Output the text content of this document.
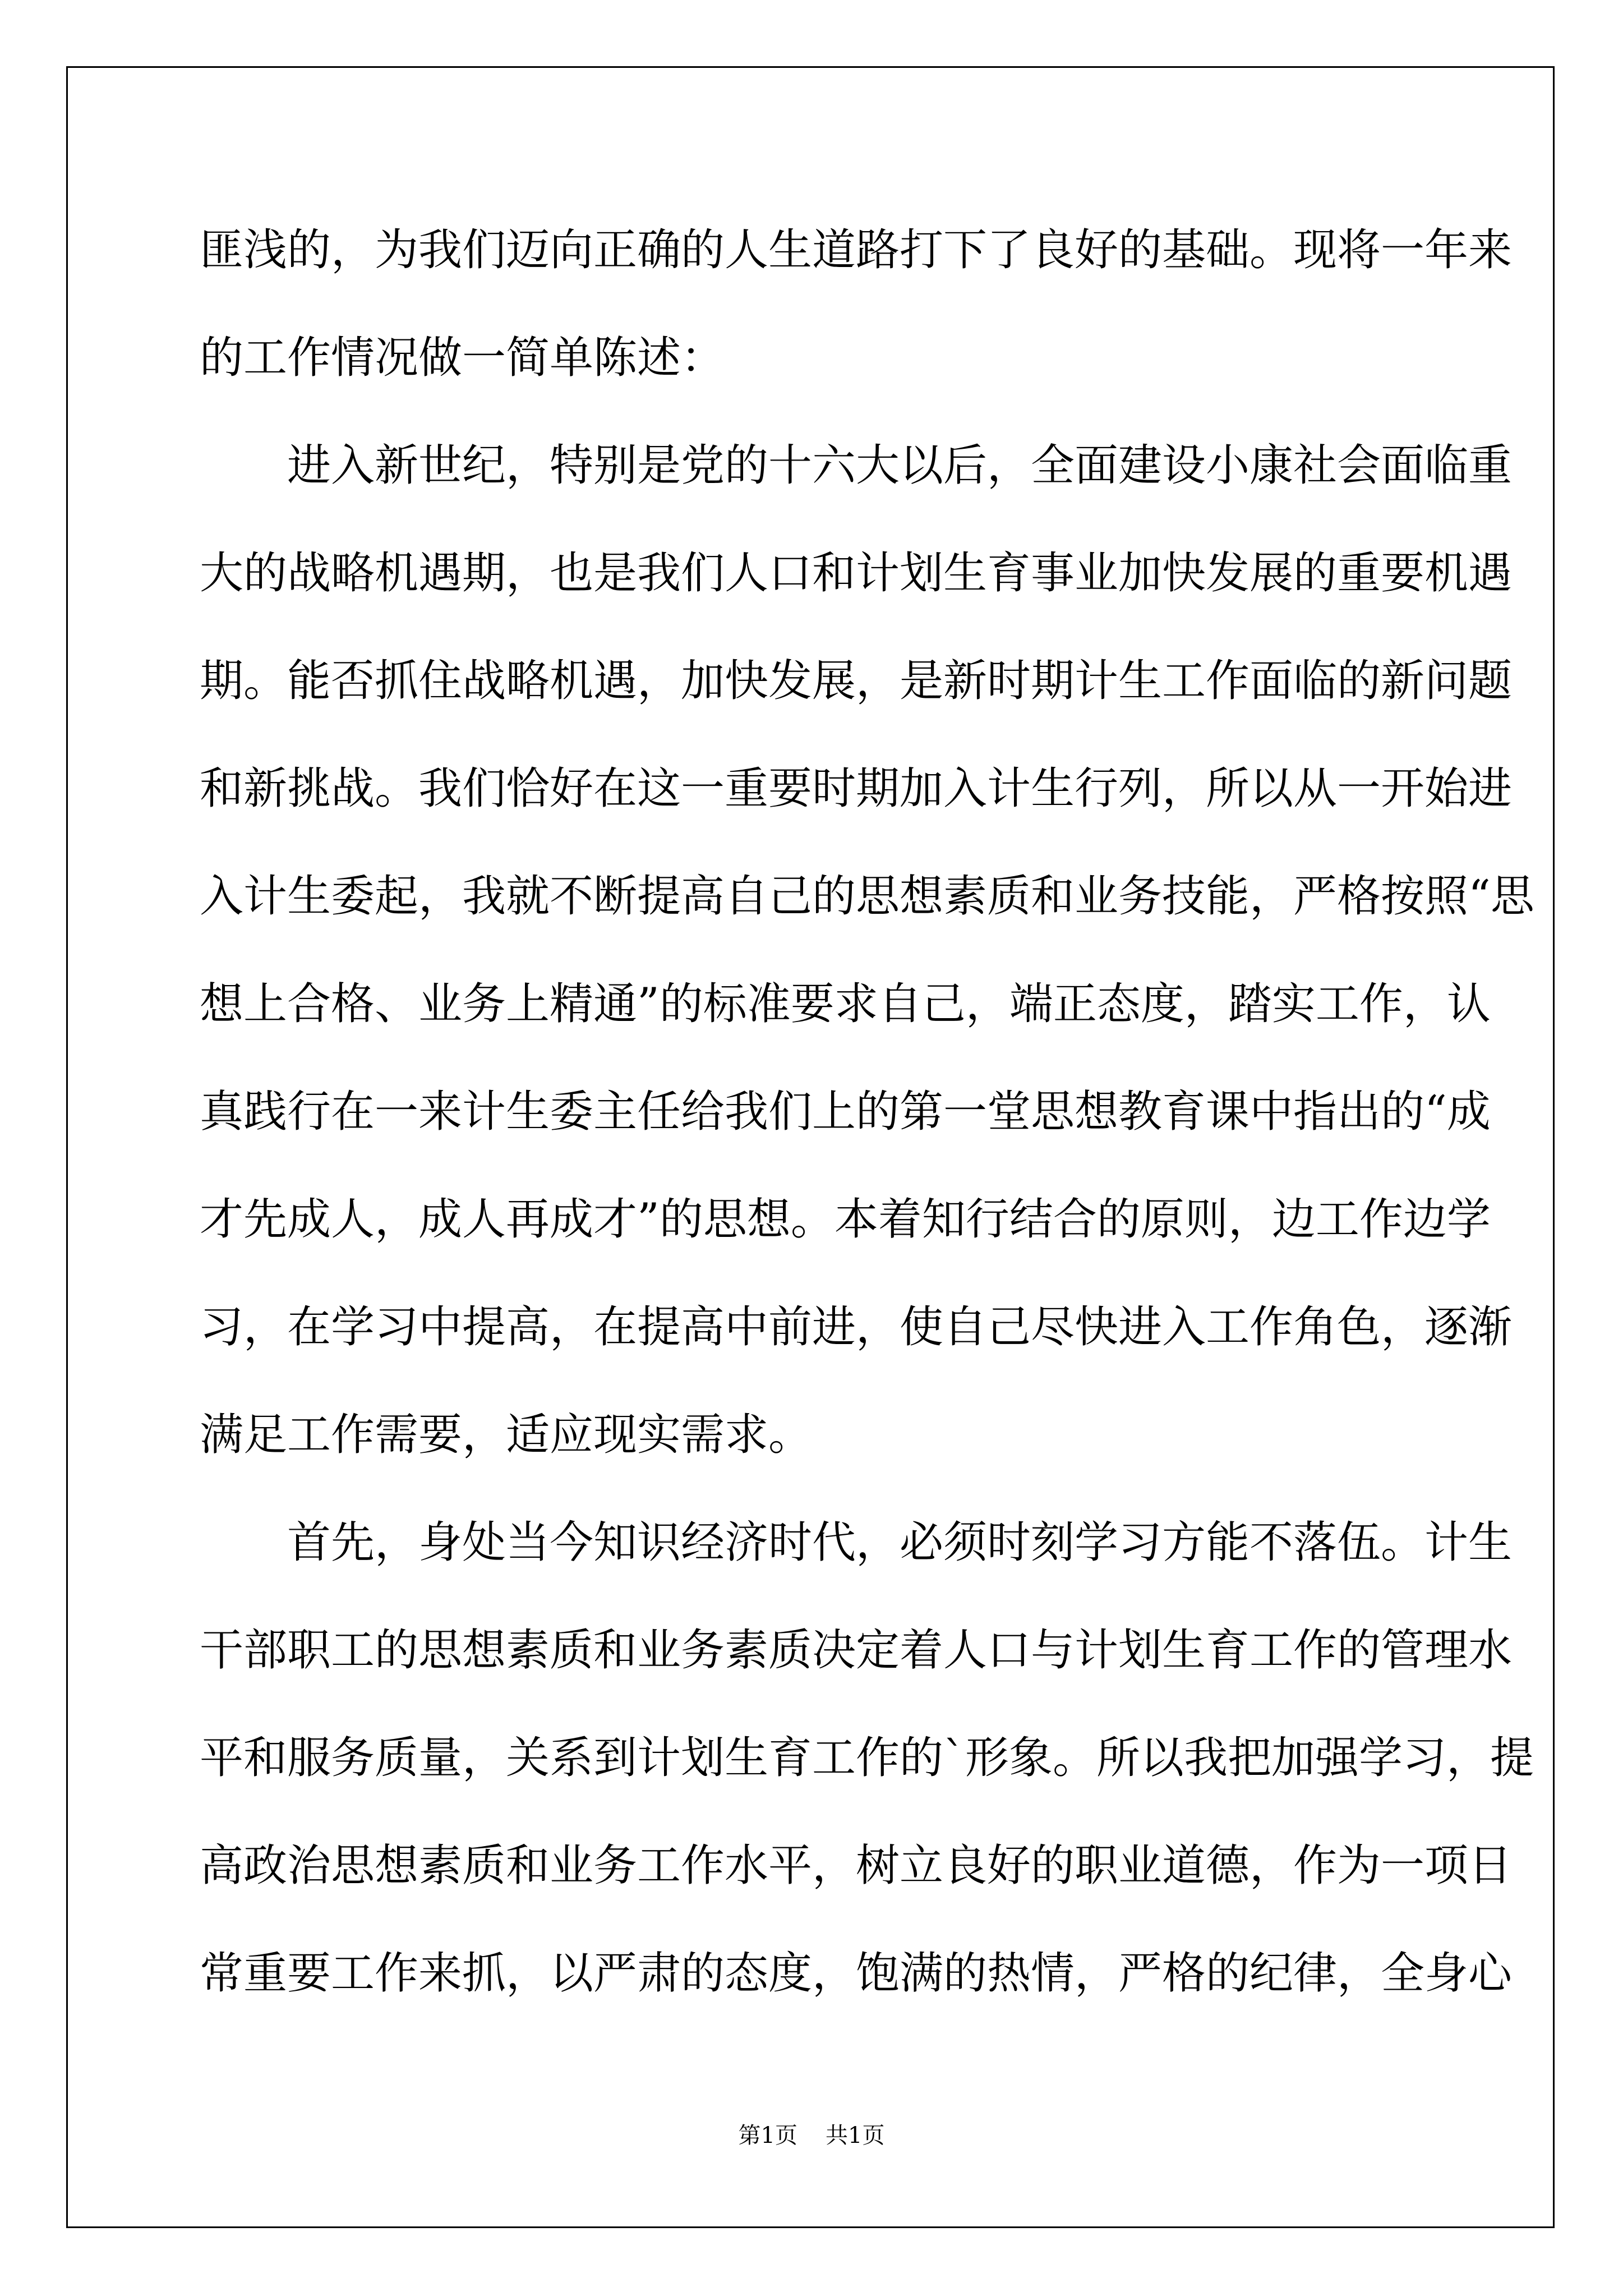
匪浅的，为我们迈向正确的人生道路打下了良好的基础。现将一年来
的工作情况做一简单陈述：
　　进入新世纪，特别是党的十六大以后，全面建设小康社会面临重
大的战略机遇期，也是我们人口和计划生育事业加快发展的重要机遇
期。能否抓住战略机遇，加快发展，是新时期计生工作面临的新问题
和新挑战。我们恰好在这一重要时期加入计生行列，所以从一开始进
入计生委起，我就不断提高自己的思想素质和业务技能，严格按照“思
想上合格、业务上精通”的标准要求自己，端正态度，踏实工作，认
真践行在一来计生委主任给我们上的第一堂思想教育课中指出的“成
才先成人，成人再成才”的思想。本着知行结合的原则，边工作边学
习，在学习中提高，在提高中前进，使自己尽快进入工作角色，逐渐
满足工作需要，适应现实需求。
　　首先，身处当今知识经济时代，必须时刻学习方能不落伍。计生
干部职工的思想素质和业务素质决定着人口与计划生育工作的管理水
平和服务质量，关系到计划生育工作的`形象。所以我把加强学习，提
高政治思想素质和业务工作水平，树立良好的职业道德，作为一项日
常重要工作来抓，以严肃的态度，饱满的热情，严格的纪律，全身心
第1页 共1页
